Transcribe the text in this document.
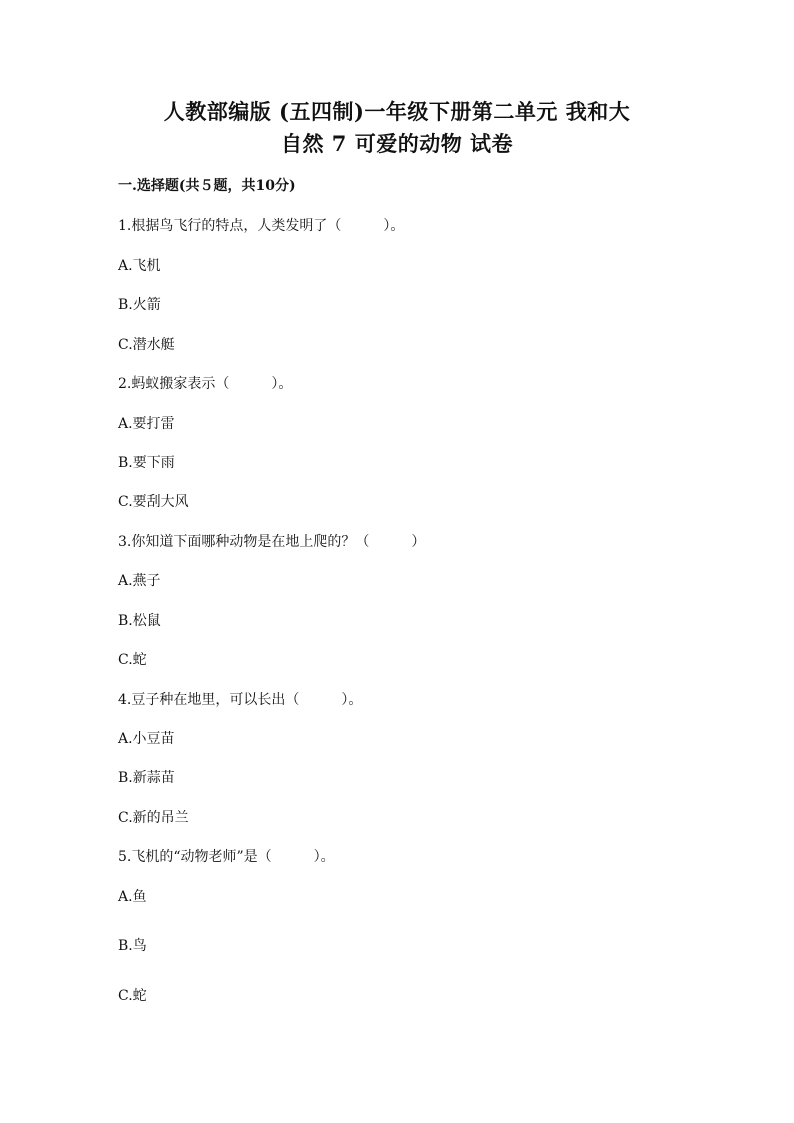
人教部编版 (五四制)一年级下册第二单元 我和大
自然 7 可爱的动物 试卷
一.选择题(共５题，共10分)
1.根据鸟飞行的特点，人类发明了（　　　）。
A.飞机
B.火箭
C.潜水艇
2.蚂蚁搬家表示（　　　）。
A.要打雷
B.要下雨
C.要刮大风
3.你知道下面哪种动物是在地上爬的？（　　　）
A.燕子
B.松鼠
C.蛇
4.豆子种在地里，可以长出（　　　）。
A.小豆苗
B.新蒜苗
C.新的吊兰
5.飞机的“动物老师”是（　　　）。
A.鱼
B.鸟
C.蛇
